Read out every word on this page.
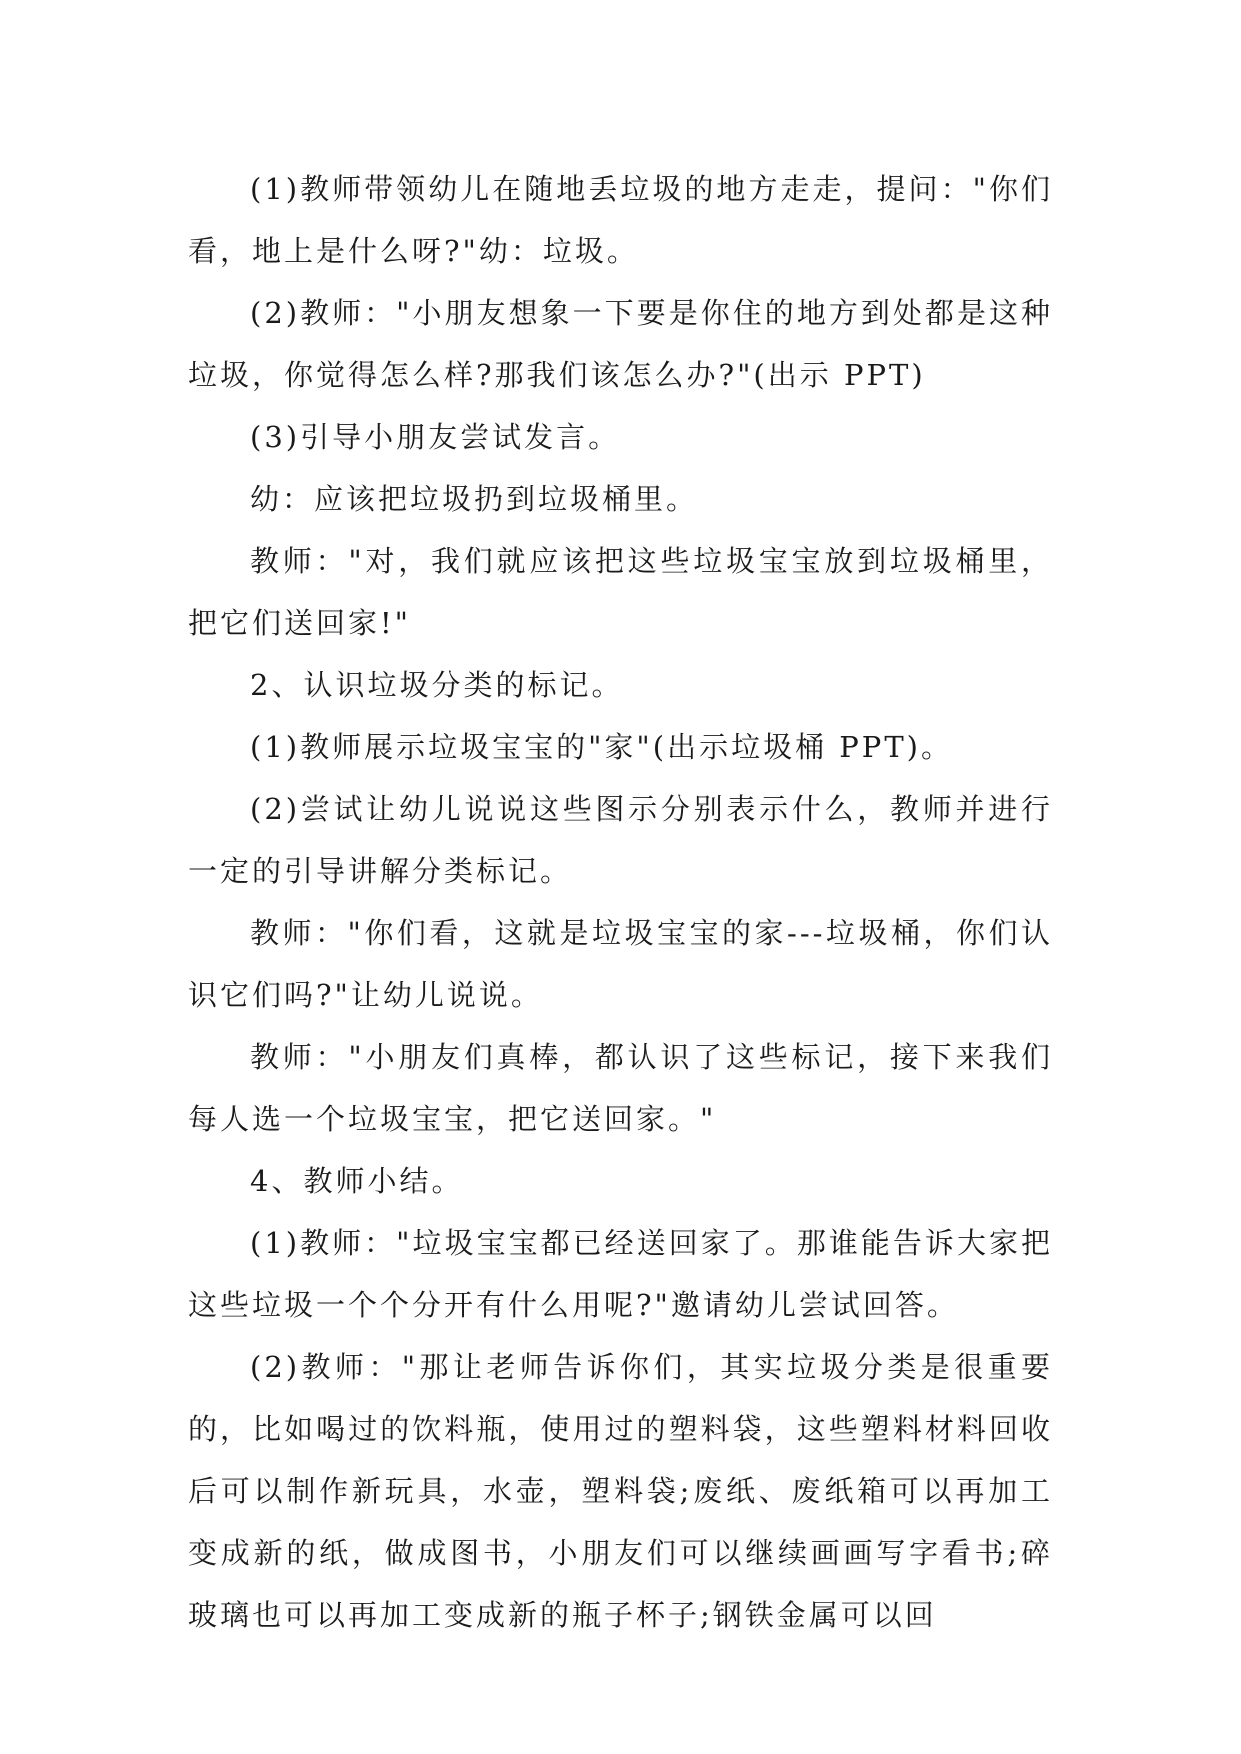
(1)教师带领幼儿在随地丢垃圾的地方走走，提问："你们看，地上是什么呀?"幼：垃圾。

(2)教师："小朋友想象一下要是你住的地方到处都是这种垃圾，你觉得怎么样?那我们该怎么办?"(出示 PPT)

(3)引导小朋友尝试发言。

幼：应该把垃圾扔到垃圾桶里。

教师："对，我们就应该把这些垃圾宝宝放到垃圾桶里，把它们送回家!"

2、认识垃圾分类的标记。

(1)教师展示垃圾宝宝的"家"(出示垃圾桶 PPT)。

(2)尝试让幼儿说说这些图示分别表示什么，教师并进行一定的引导讲解分类标记。

教师："你们看，这就是垃圾宝宝的家---垃圾桶，你们认识它们吗?"让幼儿说说。

教师："小朋友们真棒，都认识了这些标记，接下来我们每人选一个垃圾宝宝，把它送回家。"

4、教师小结。

(1)教师："垃圾宝宝都已经送回家了。那谁能告诉大家把这些垃圾一个个分开有什么用呢?"邀请幼儿尝试回答。

(2)教师："那让老师告诉你们，其实垃圾分类是很重要的，比如喝过的饮料瓶，使用过的塑料袋，这些塑料材料回收后可以制作新玩具，水壶，塑料袋;废纸、废纸箱可以再加工变成新的纸，做成图书，小朋友们可以继续画画写字看书;碎玻璃也可以再加工变成新的瓶子杯子;钢铁金属可以回
